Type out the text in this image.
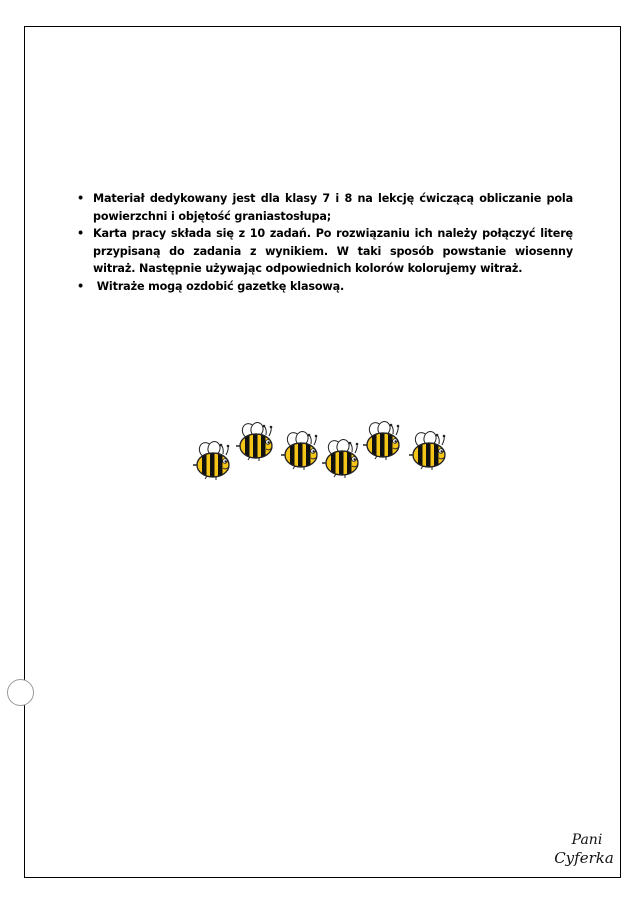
• Materiał dedykowany jest dla klasy 7 i 8 na lekcję ćwiczącą obliczanie pola powierzchni i objętość graniastosłupa;
• Karta pracy składa się z 10 zadań. Po rozwiązaniu ich należy połączyć literę przypisaną do zadania z wynikiem. W taki sposób powstanie wiosenny witraż. Następnie używając odpowiednich kolorów kolorujemy witraż.
• Witraże mogą ozdobić gazetkę klasową.
Pani
Cyferka
